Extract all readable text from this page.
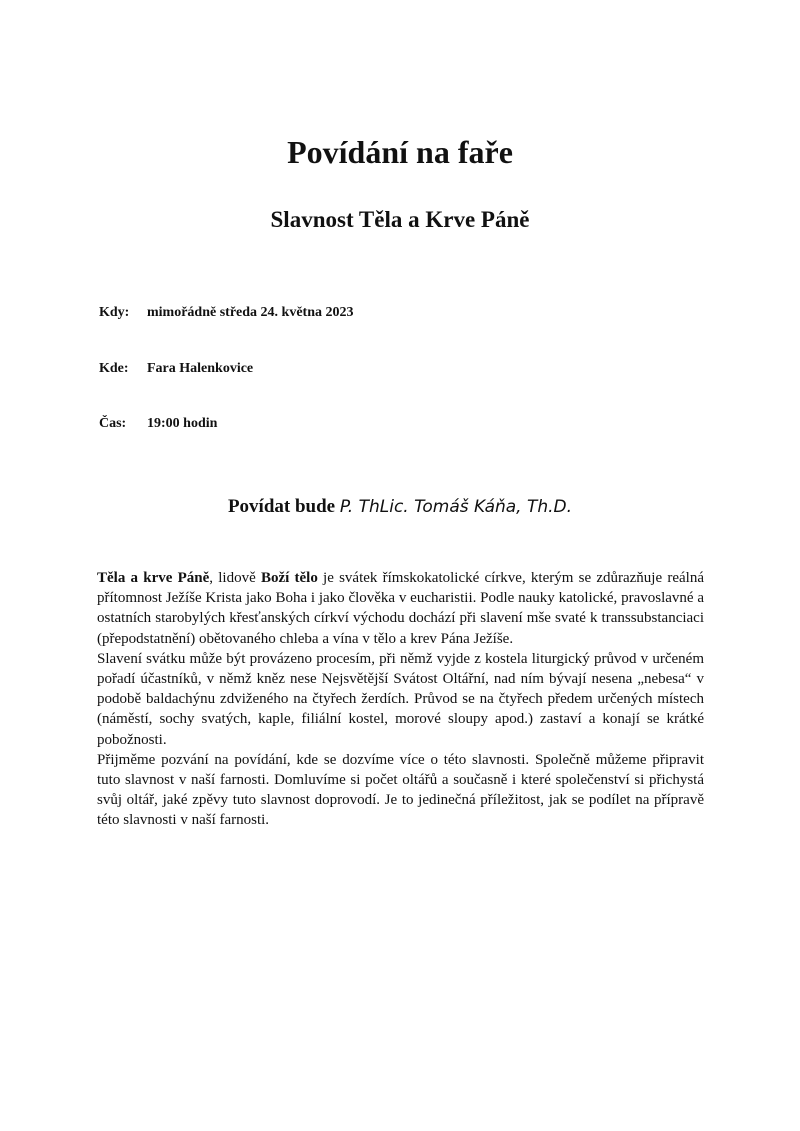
Povídání na faře
Slavnost Těla a Krve Páně
Kdy: mimořádně středa 24. května 2023
Kde: Fara Halenkovice
Čas: 19:00 hodin
Povídat bude P. ThLic. Tomáš Káňa, Th.D.

Těla a krve Páně, lidově Boží tělo je svátek římskokatolické církve, kterým se zdůrazňuje reálná přítomnost Ježíše Krista jako Boha i jako člověka v eucharistii. Podle nauky katolické, pravoslavné a ostatních starobylých křesťanských církví východu dochází při slavení mše svaté k transsubstanciaci (přepodstatnění) obětovaného chleba a vína v tělo a krev Pána Ježíše.

Slavení svátku může být provázeno procesím, při němž vyjde z kostela liturgický průvod v určeném pořadí účastníků, v němž kněz nese Nejsvětější Svátost Oltářní, nad ním bývají nesena „nebesa“ v podobě baldachýnu zdviženého na čtyřech žerdích. Průvod se na čtyřech předem určených místech (náměstí, sochy svatých, kaple, filiální kostel, morové sloupy apod.) zastaví a konají se krátké pobožnosti.

Přijměme pozvání na povídání, kde se dozvíme více o této slavnosti. Společně můžeme připravit tuto slavnost v naší farnosti. Domluvíme si počet oltářů a současně i které společenství si přichystá svůj oltář, jaké zpěvy tuto slavnost doprovodí. Je to jedinečná příležitost, jak se podílet na přípravě této slavnosti v naší farnosti.
